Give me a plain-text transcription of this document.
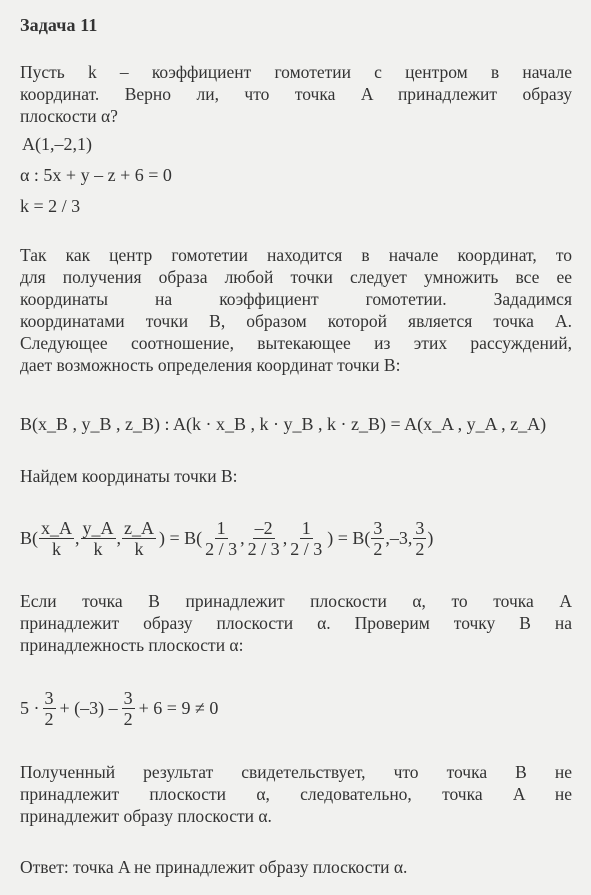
Задача 11
Пусть k – коэффициент гомотетии с центром в начале
координат. Верно ли, что точка A принадлежит образу
плоскости α?
A(1,–2,1)
α : 5x + y – z + 6 = 0
k = 2 / 3
Так как центр гомотетии находится в начале координат, то
для получения образа любой точки следует умножить все ее
координаты на коэффициент гомотетии. Зададимся
координатами точки B, образом которой является точка A.
Следующее соотношение, вытекающее из этих рассуждений,
дает возможность определения координат точки B:
B(x_B , y_B , z_B) : A(k · x_B , k · y_B , k · z_B) = A(x_A , y_A , z_A)
Найдем координаты точки B:
$B( \frac{x\_A}{k}$ , $\frac{y\_A}{k}$ , $\frac{z\_A}{k}$ ) = $B( \frac{1}{2 / 3}$ , $\frac{-2}{2 / 3}$ , $\frac{1}{2 / 3}$ ) = $B( \frac{3}{2}$ , –3 , $\frac{3}{2}$ )
Если точка B принадлежит плоскости α, то точка A
принадлежит образу плоскости α. Проверим точку B на
принадлежность плоскости α:
$5 \cdot \frac{3}{2} + (-3) - \frac{3}{2} + 6 = 9 \ne 0$
Полученный результат свидетельствует, что точка B не
принадлежит плоскости α, следовательно, точка A не
принадлежит образу плоскости α.
Ответ: точка A не принадлежит образу плоскости α.
